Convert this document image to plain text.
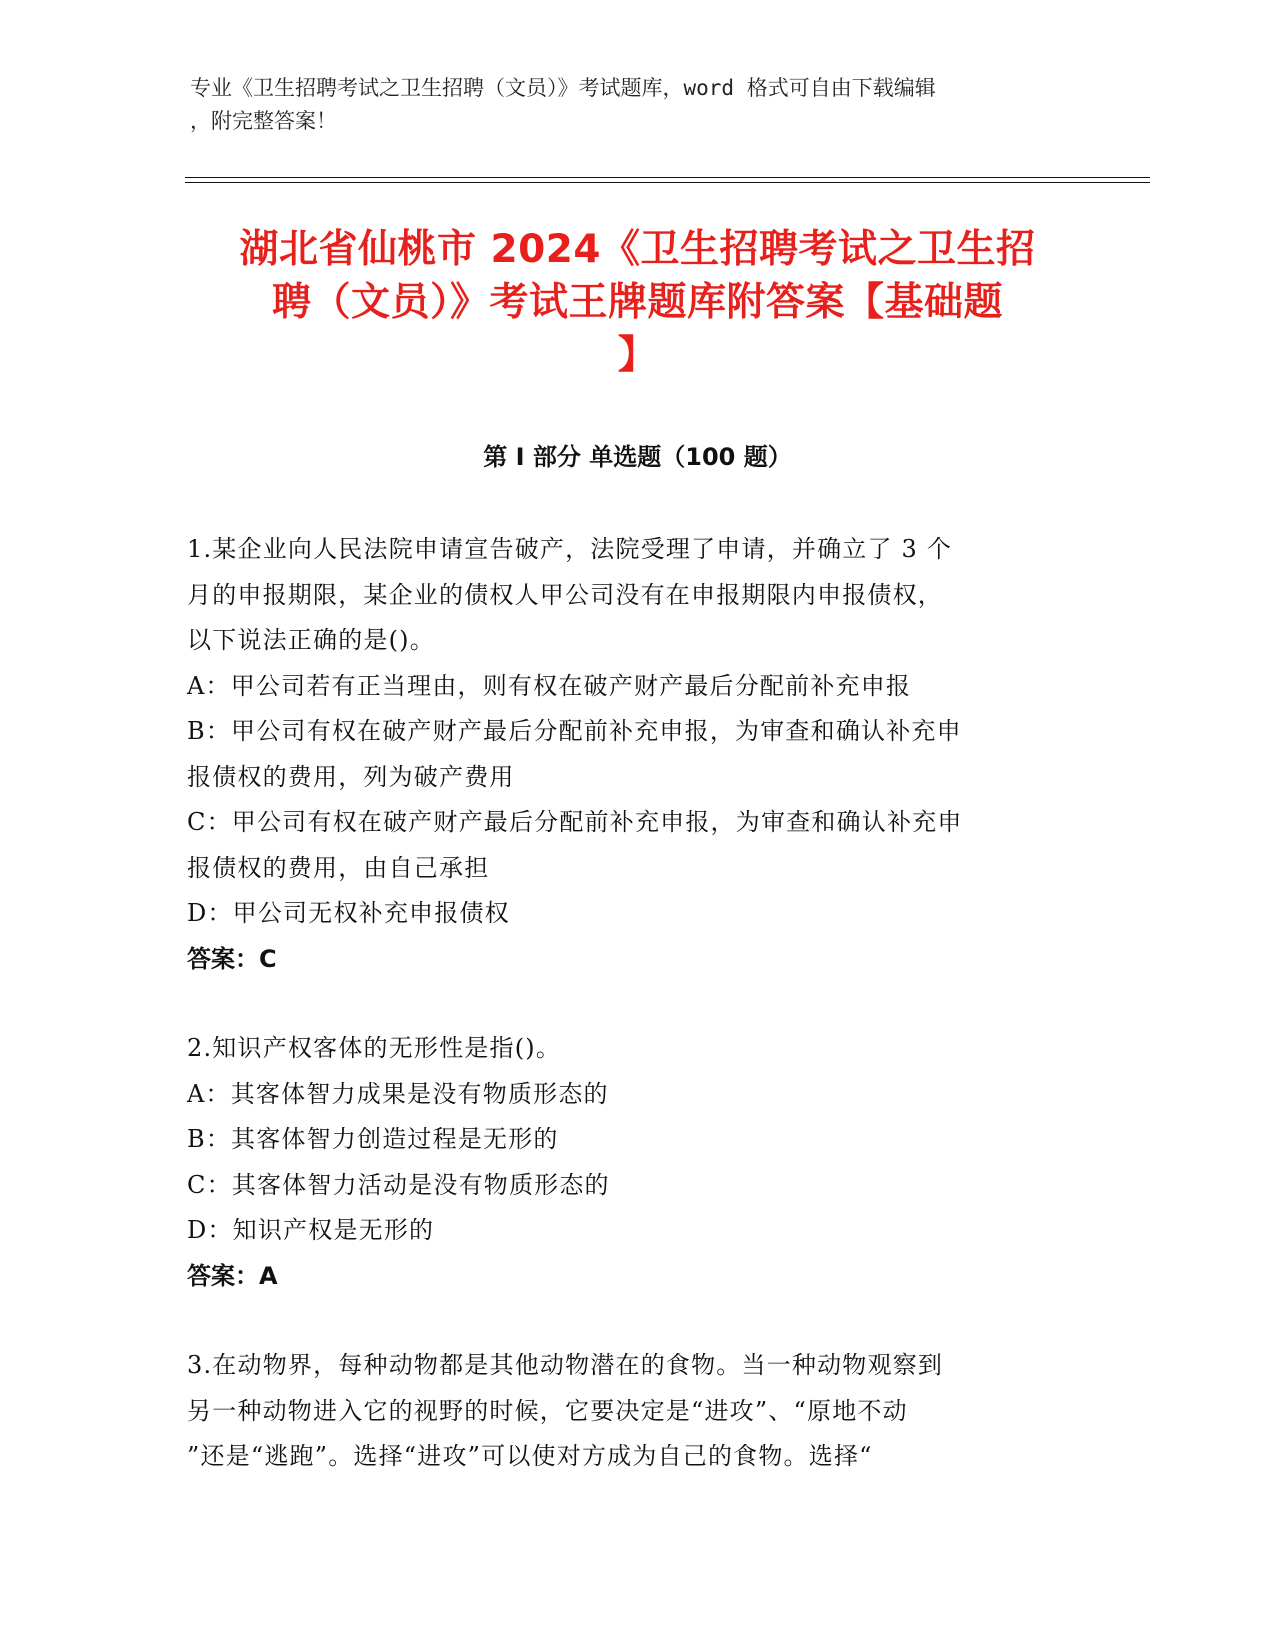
专业《卫生招聘考试之卫生招聘（文员）》考试题库，word 格式可自由下载编辑
，附完整答案！
湖北省仙桃市 2024《卫生招聘考试之卫生招
聘（文员）》考试王牌题库附答案【基础题
】
第 I 部分 单选题（100 题）

1.某企业向人民法院申请宣告破产，法院受理了申请，并确立了 3 个

月的申报期限，某企业的债权人甲公司没有在申报期限内申报债权，

以下说法正确的是()。

A：甲公司若有正当理由，则有权在破产财产最后分配前补充申报

B：甲公司有权在破产财产最后分配前补充申报，为审查和确认补充申

报债权的费用，列为破产费用

C：甲公司有权在破产财产最后分配前补充申报，为审查和确认补充申

报债权的费用，由自己承担

D：甲公司无权补充申报债权

答案：C

2.知识产权客体的无形性是指()。

A：其客体智力成果是没有物质形态的

B：其客体智力创造过程是无形的

C：其客体智力活动是没有物质形态的

D：知识产权是无形的

答案：A

3.在动物界，每种动物都是其他动物潜在的食物。当一种动物观察到

另一种动物进入它的视野的时候，它要决定是“进攻”、“原地不动

”还是“逃跑”。选择“进攻”可以使对方成为自己的食物。选择“
